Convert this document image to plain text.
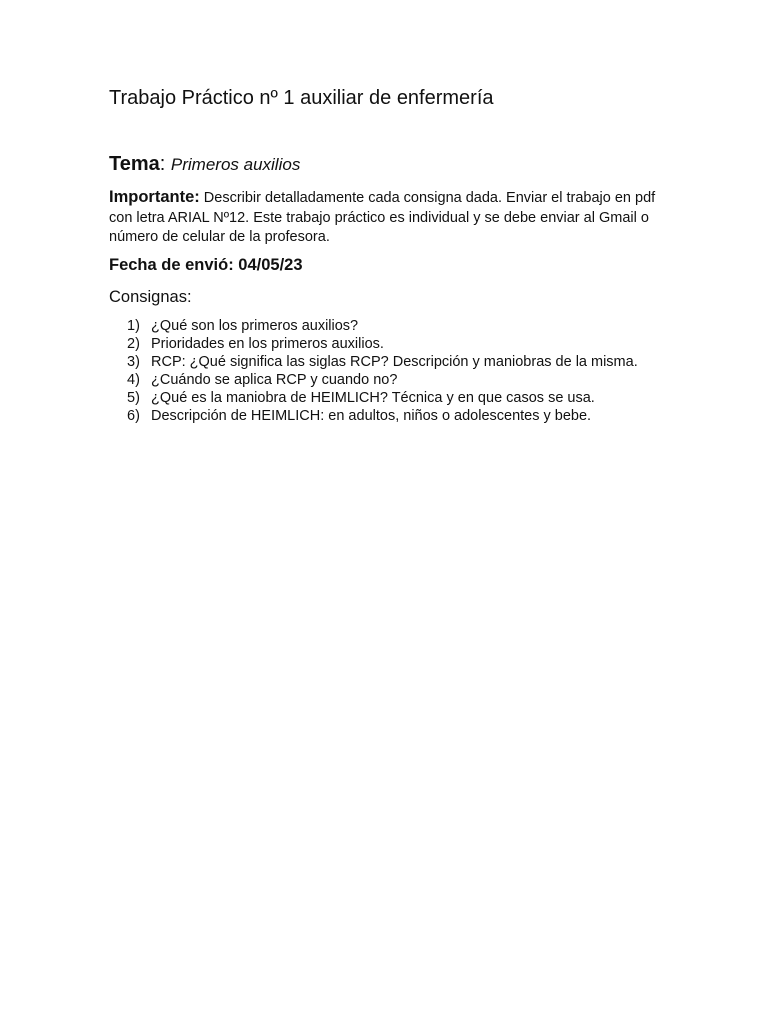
Trabajo Práctico nº 1 auxiliar de enfermería
Tema: Primeros auxilios
Importante: Describir detalladamente cada consigna dada. Enviar el trabajo en pdf con letra ARIAL Nº12. Este trabajo práctico es individual y se debe enviar al Gmail o número de celular de la profesora.
Fecha de envió: 04/05/23
Consignas:
1) ¿Qué son los primeros auxilios?
2) Prioridades en los primeros auxilios.
3) RCP: ¿Qué significa las siglas RCP? Descripción y maniobras de la misma.
4) ¿Cuándo se aplica RCP y cuando no?
5) ¿Qué es la maniobra de HEIMLICH? Técnica y en que casos se usa.
6) Descripción de HEIMLICH: en adultos, niños o adolescentes y bebe.
